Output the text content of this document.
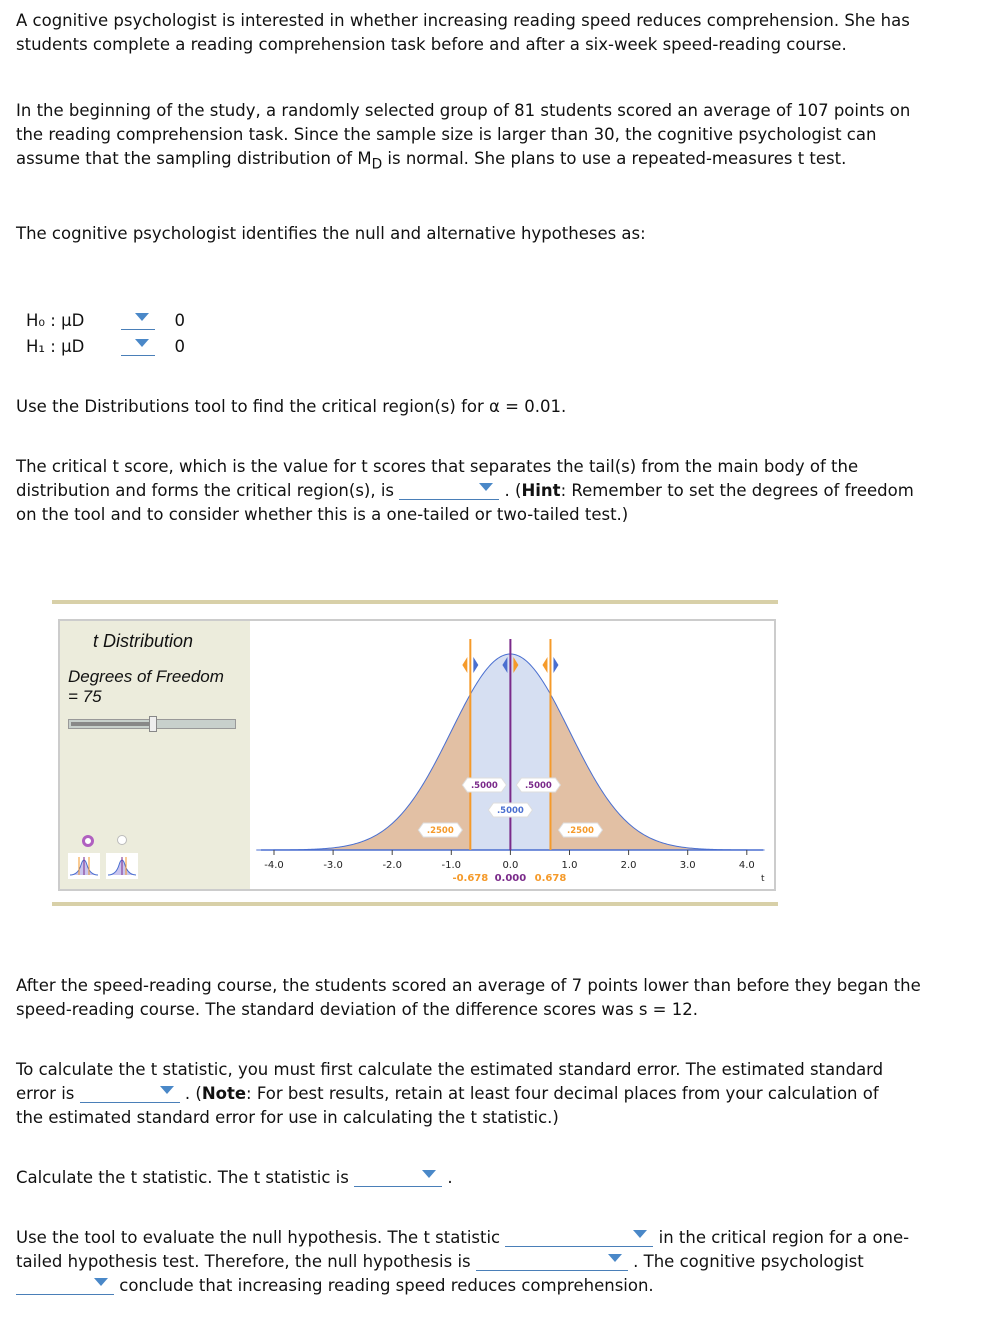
A cognitive psychologist is interested in whether increasing reading speed reduces comprehension. She has students complete a reading comprehension task before and after a six-week speed-reading course.
In the beginning of the study, a randomly selected group of 81 students scored an average of 107 points on the reading comprehension task. Since the sample size is larger than 30, the cognitive psychologist can assume that the sampling distribution of $M_D$ is normal. She plans to use a repeated-measures t test.
The cognitive psychologist identifies the null and alternative hypotheses as:
H₀ : μD	0
H₁ : μD	0
Use the Distributions tool to find the critical region(s) for α = 0.01.
The critical t score, which is the value for t scores that separates the tail(s) from the main body of the distribution and forms the critical region(s), is	. (Hint: Remember to set the degrees of freedom on the tool and to consider whether this is a one-tailed or two-tailed test.)
t Distribution
Degrees of Freedom
= 75
-4.0	-3.0	-2.0	-1.0	0.0	1.0	2.0	3.0	4.0
t
-0.678 0.000 0.678
.2500	.2500
.5000
.5000	.5000
After the speed-reading course, the students scored an average of 7 points lower than before they began the speed-reading course. The standard deviation of the difference scores was s = 12.
To calculate the t statistic, you must first calculate the estimated standard error. The estimated standard error is	. (Note: For best results, retain at least four decimal places from your calculation of the estimated standard error for use in calculating the t statistic.)
Calculate the t statistic. The t statistic is	.
Use the tool to evaluate the null hypothesis. The t statistic	in the critical region for a one-tailed hypothesis test. Therefore, the null hypothesis is	. The cognitive psychologist  conclude that increasing reading speed reduces comprehension.
